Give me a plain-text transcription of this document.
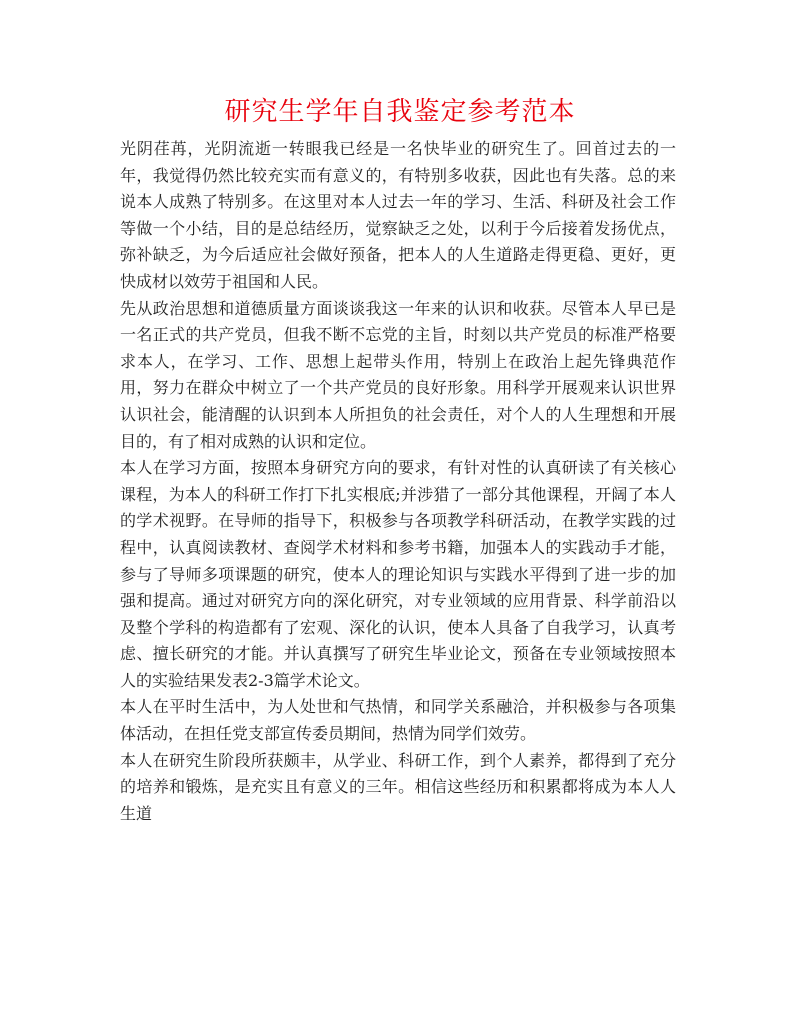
研究生学年自我鉴定参考范本

光阴荏苒，光阴流逝一转眼我已经是一名快毕业的研究生了。回首过去的一年，我觉得仍然比较充实而有意义的，有特别多收获，因此也有失落。总的来说本人成熟了特别多。在这里对本人过去一年的学习、生活、科研及社会工作等做一个小结，目的是总结经历，觉察缺乏之处，以利于今后接着发扬优点，弥补缺乏，为今后适应社会做好预备，把本人的人生道路走得更稳、更好，更快成材以效劳于祖国和人民。

先从政治思想和道德质量方面谈谈我这一年来的认识和收获。尽管本人早已是一名正式的共产党员，但我不断不忘党的主旨，时刻以共产党员的标准严格要求本人，在学习、工作、思想上起带头作用，特别上在政治上起先锋典范作用，努力在群众中树立了一个共产党员的良好形象。用科学开展观来认识世界认识社会，能清醒的认识到本人所担负的社会责任，对个人的人生理想和开展目的，有了相对成熟的认识和定位。

本人在学习方面，按照本身研究方向的要求，有针对性的认真研读了有关核心课程，为本人的科研工作打下扎实根底;并涉猎了一部分其他课程，开阔了本人的学术视野。在导师的指导下，积极参与各项教学科研活动，在教学实践的过程中，认真阅读教材、查阅学术材料和参考书籍，加强本人的实践动手才能，参与了导师多项课题的研究，使本人的理论知识与实践水平得到了进一步的加强和提高。通过对研究方向的深化研究，对专业领域的应用背景、科学前沿以及整个学科的构造都有了宏观、深化的认识，使本人具备了自我学习，认真考虑、擅长研究的才能。并认真撰写了研究生毕业论文，预备在专业领域按照本人的实验结果发表2-3篇学术论文。

本人在平时生活中，为人处世和气热情，和同学关系融洽，并积极参与各项集体活动，在担任党支部宣传委员期间，热情为同学们效劳。

本人在研究生阶段所获颇丰，从学业、科研工作，到个人素养，都得到了充分的培养和锻炼，是充实且有意义的三年。相信这些经历和积累都将成为本人人生道
